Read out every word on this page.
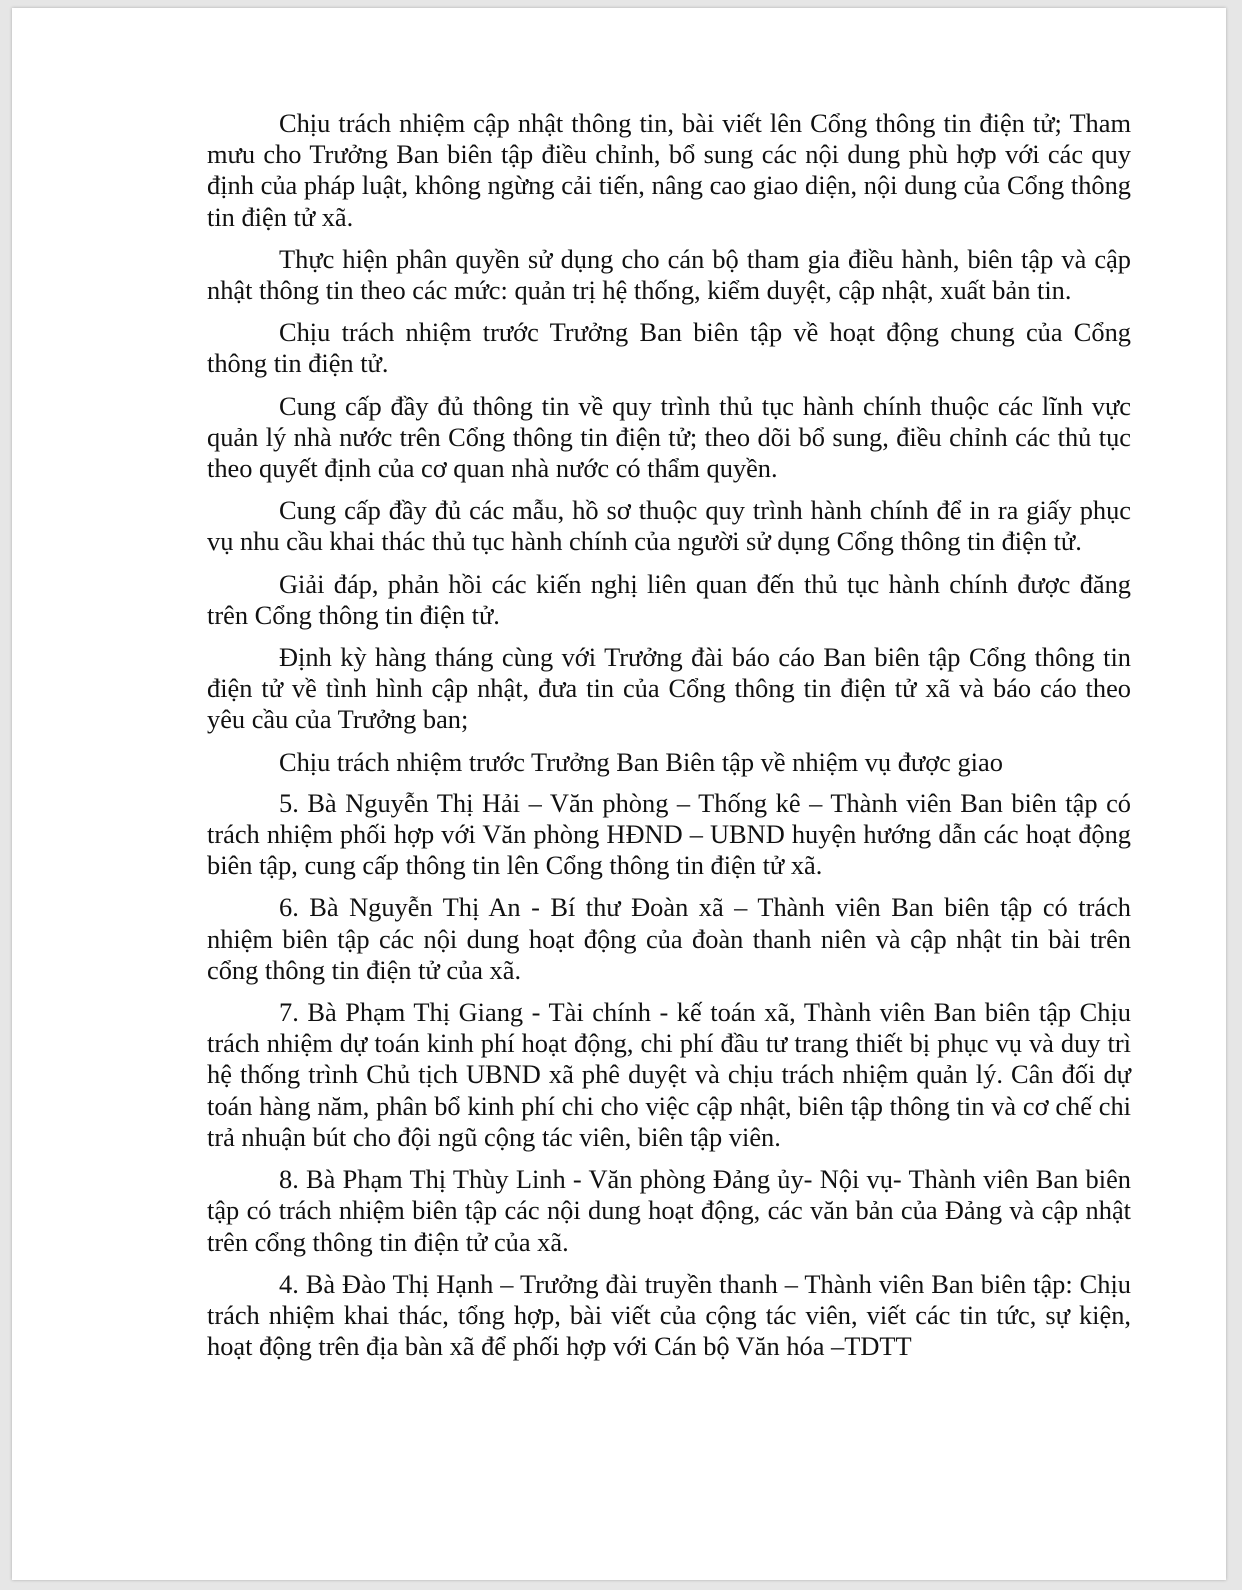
Chịu trách nhiệm cập nhật thông tin, bài viết lên Cổng thông tin điện tử; Tham mưu cho Trưởng Ban biên tập điều chỉnh, bổ sung các nội dung phù hợp với các quy định của pháp luật, không ngừng cải tiến, nâng cao giao diện, nội dung của Cổng thông tin điện tử xã.

Thực hiện phân quyền sử dụng cho cán bộ tham gia điều hành, biên tập và cập nhật thông tin theo các mức: quản trị hệ thống, kiểm duyệt, cập nhật, xuất bản tin.

Chịu trách nhiệm trước Trưởng Ban biên tập về hoạt động chung của Cổng thông tin điện tử.

Cung cấp đầy đủ thông tin về quy trình thủ tục hành chính thuộc các lĩnh vực quản lý nhà nước trên Cổng thông tin điện tử; theo dõi bổ sung, điều chỉnh các thủ tục theo quyết định của cơ quan nhà nước có thẩm quyền.

Cung cấp đầy đủ các mẫu, hồ sơ thuộc quy trình hành chính để in ra giấy phục vụ nhu cầu khai thác thủ tục hành chính của người sử dụng Cổng thông tin điện tử.

Giải đáp, phản hồi các kiến nghị liên quan đến thủ tục hành chính được đăng trên Cổng thông tin điện tử.

Định kỳ hàng tháng cùng với Trưởng đài báo cáo Ban biên tập Cổng thông tin điện tử về tình hình cập nhật, đưa tin của Cổng thông tin điện tử xã và báo cáo theo yêu cầu của Trưởng ban;

Chịu trách nhiệm trước Trưởng Ban Biên tập về nhiệm vụ được giao

5. Bà Nguyễn Thị Hải – Văn phòng – Thống kê – Thành viên Ban biên tập có trách nhiệm phối hợp với Văn phòng HĐND – UBND huyện hướng dẫn các hoạt động biên tập, cung cấp thông tin lên Cổng thông tin điện tử xã.

6. Bà Nguyễn Thị An - Bí thư Đoàn xã – Thành viên Ban biên tập có trách nhiệm biên tập các nội dung hoạt động của đoàn thanh niên và cập nhật tin bài trên cổng thông tin điện tử của xã.

7. Bà Phạm Thị Giang - Tài chính - kế toán xã, Thành viên Ban biên tập Chịu trách nhiệm dự toán kinh phí hoạt động, chi phí đầu tư trang thiết bị phục vụ và duy trì hệ thống trình Chủ tịch UBND xã phê duyệt và chịu trách nhiệm quản lý. Cân đối dự toán hàng năm, phân bổ kinh phí chi cho việc cập nhật, biên tập thông tin và cơ chế chi trả nhuận bút cho đội ngũ cộng tác viên, biên tập viên.

8. Bà Phạm Thị Thùy Linh - Văn phòng Đảng ủy- Nội vụ- Thành viên Ban biên tập có trách nhiệm biên tập các nội dung hoạt động, các văn bản của Đảng và cập nhật trên cổng thông tin điện tử của xã.

4. Bà Đào Thị Hạnh – Trưởng đài truyền thanh – Thành viên Ban biên tập: Chịu trách nhiệm khai thác, tổng hợp, bài viết của cộng tác viên, viết các tin tức, sự kiện, hoạt động trên địa bàn xã để phối hợp với Cán bộ Văn hóa –TDTT
